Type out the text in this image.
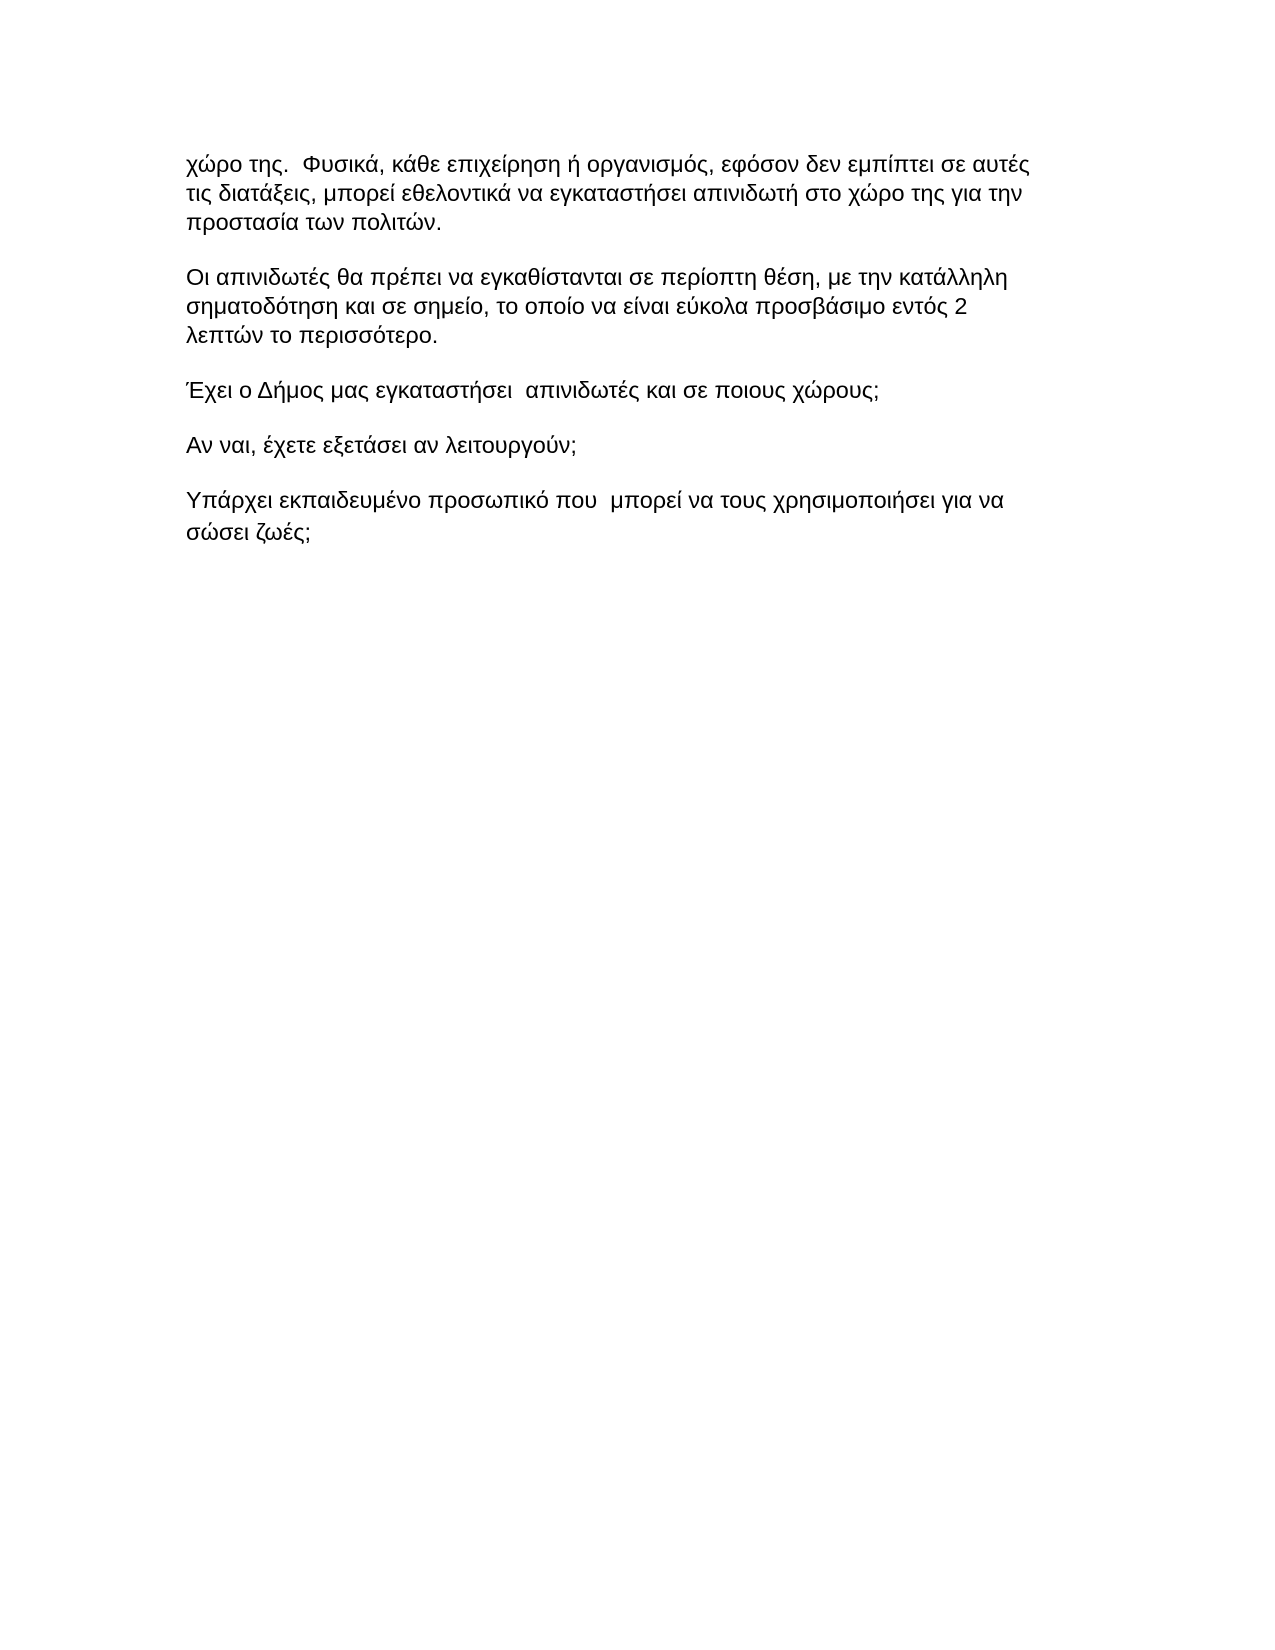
χώρο της.  Φυσικά, κάθε επιχείρηση ή οργανισμός, εφόσον δεν εμπίπτει σε αυτές
τις διατάξεις, μπορεί εθελοντικά να εγκαταστήσει απινιδωτή στο χώρο της για την
προστασία των πολιτών.

Οι απινιδωτές θα πρέπει να εγκαθίστανται σε περίοπτη θέση, με την κατάλληλη
σηματοδότηση και σε σημείο, το οποίο να είναι εύκολα προσβάσιμο εντός 2
λεπτών το περισσότερο.

Έχει ο Δήμος μας εγκαταστήσει  απινιδωτές και σε ποιους χώρους;

Αν ναι, έχετε εξετάσει αν λειτουργούν;

Υπάρχει εκπαιδευμένο προσωπικό που  μπορεί να τους χρησιμοποιήσει για να
σώσει ζωές;
